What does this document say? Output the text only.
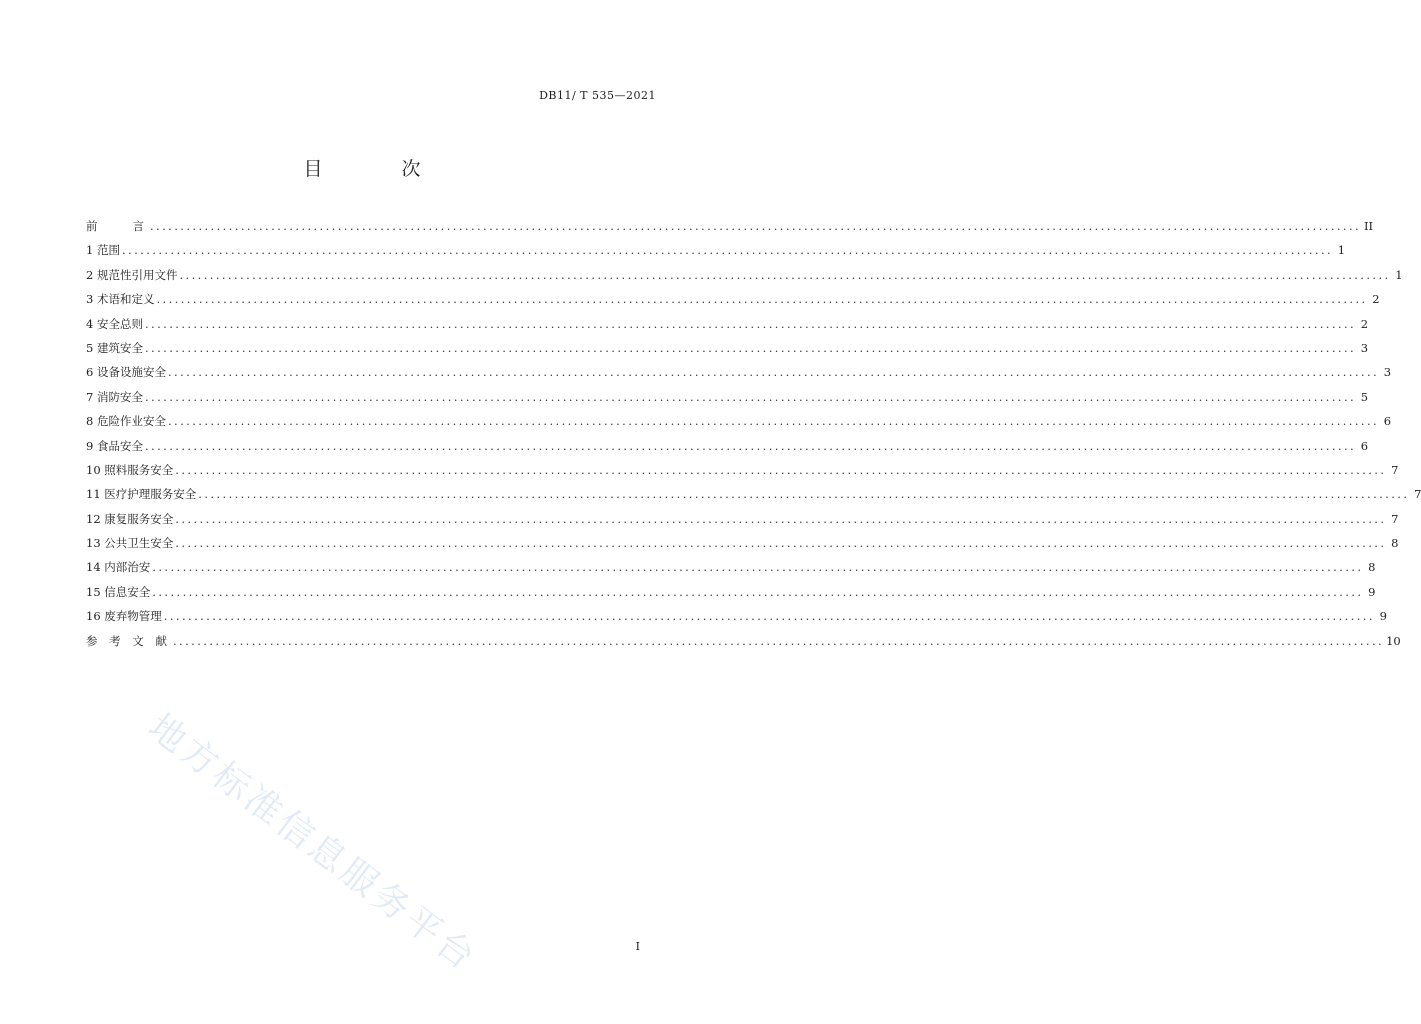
DB11/ T 535—2021
目　次
前　　言 ........................................................................................................................................................................................................ II
1 范围 ........................................................................................................................................................................................................ 1
2 规范性引用文件 ........................................................................................................................................................................................................ 1
3 术语和定义 ........................................................................................................................................................................................................ 2
4 安全总则 ........................................................................................................................................................................................................ 2
5 建筑安全 ........................................................................................................................................................................................................ 3
6 设备设施安全 ........................................................................................................................................................................................................ 3
7 消防安全 ........................................................................................................................................................................................................ 5
8 危险作业安全 ........................................................................................................................................................................................................ 6
9 食品安全 ........................................................................................................................................................................................................ 6
10 照料服务安全 ........................................................................................................................................................................................................ 7
11 医疗护理服务安全 ........................................................................................................................................................................................................ 7
12 康复服务安全 ........................................................................................................................................................................................................ 7
13 公共卫生安全 ........................................................................................................................................................................................................ 8
14 内部治安 ........................................................................................................................................................................................................ 8
15 信息安全 ........................................................................................................................................................................................................ 9
16 废弃物管理 ........................................................................................................................................................................................................ 9
参 考 文 献 ........................................................................................................................................................................................................ 10
地方标准信息服务平台	I
